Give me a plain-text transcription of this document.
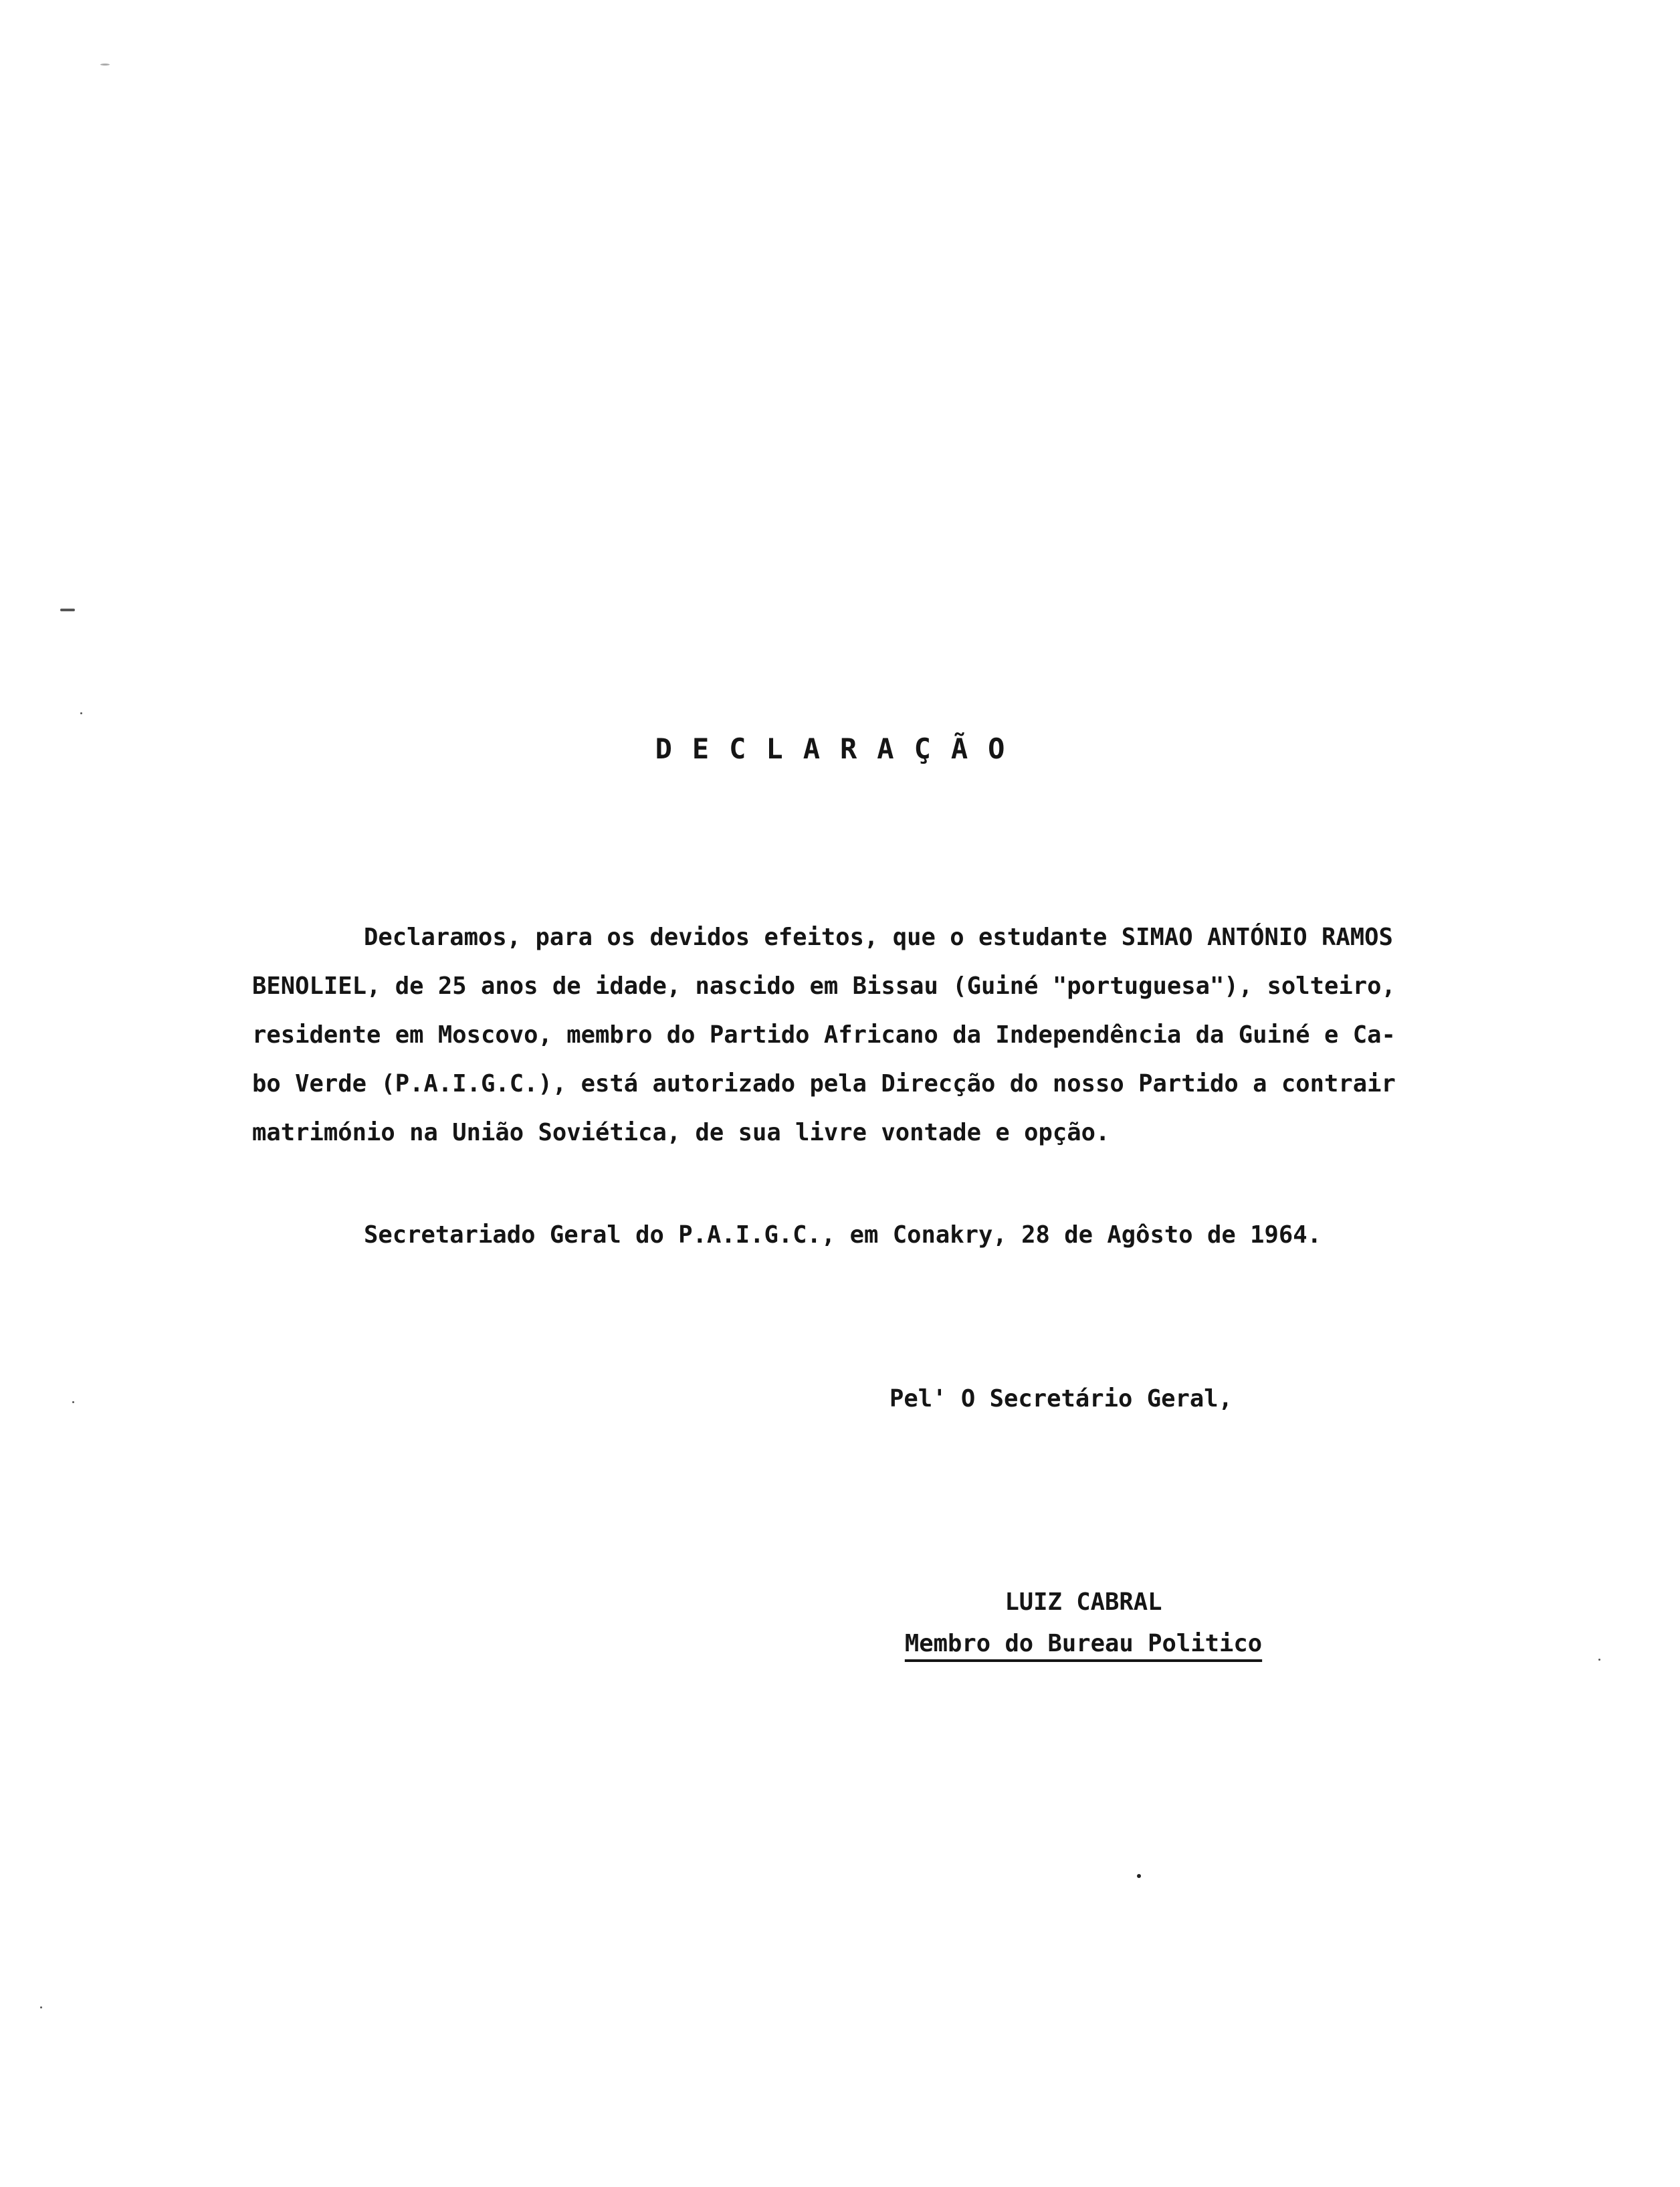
DECLARAÇÃO
Declaramos, para os devidos efeitos, que o estudante SIMAO ANTÓNIO RAMOS
BENOLIEL, de 25 anos de idade, nascido em Bissau (Guiné "portuguesa"), solteiro,
residente em Moscovo, membro do Partido Africano da Independência da Guiné e Ca-
bo Verde (P.A.I.G.C.), está autorizado pela Direcção do nosso Partido a contrair
matrimónio na União Soviética, de sua livre vontade e opção.
Secretariado Geral do P.A.I.G.C., em Conakry, 28 de Agôsto de 1964.
Pel' O Secretário Geral,
LUIZ CABRAL
Membro do Bureau Politico
